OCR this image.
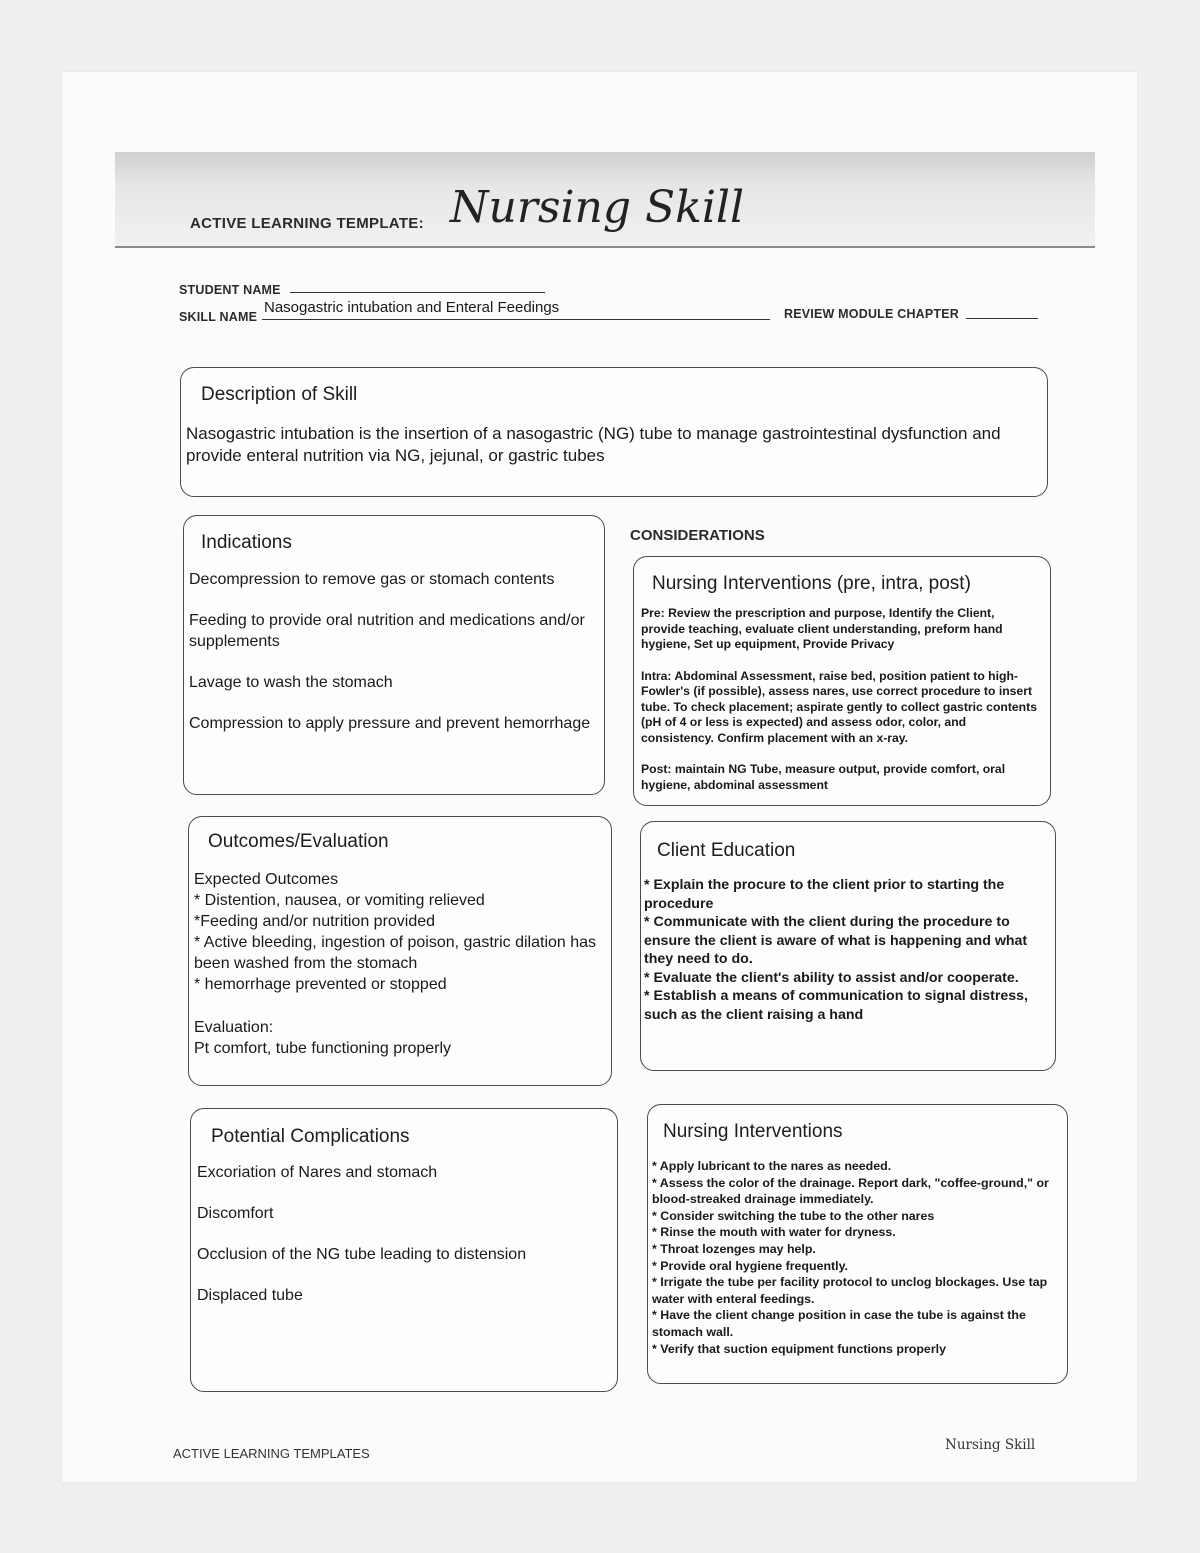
ACTIVE LEARNING TEMPLATE: Nursing Skill
STUDENT NAME
SKILL NAME
Nasogastric intubation and Enteral Feedings	REVIEW MODULE CHAPTER
Description of Skill
Nasogastric intubation is the insertion of a nasogastric (NG) tube to manage gastrointestinal dysfunction and provide enteral nutrition via NG, jejunal, or gastric tubes
Indications

Decompression to remove gas or stomach contents

Feeding to provide oral nutrition and medications and/or supplements

Lavage to wash the stomach

Compression to apply pressure and prevent hemorrhage

CONSIDERATIONS
Nursing Interventions (pre, intra, post)

Pre: Review the prescription and purpose, Identify the Client, provide teaching, evaluate client understanding, preform hand hygiene, Set up equipment, Provide Privacy

Intra: Abdominal Assessment, raise bed, position patient to high-Fowler's (if possible), assess nares, use correct procedure to insert tube. To check placement; aspirate gently to collect gastric contents (pH of 4 or less is expected) and assess odor, color, and consistency. Confirm placement with an x-ray.

Post: maintain NG Tube, measure output, provide comfort, oral hygiene, abdominal assessment

Outcomes/Evaluation

Expected Outcomes

* Distention, nausea, or vomiting relieved

*Feeding and/or nutrition provided

* Active bleeding, ingestion of poison, gastric dilation has been washed from the stomach

* hemorrhage prevented or stopped

Evaluation:

Pt comfort, tube functioning properly

Client Education

* Explain the procure to the client prior to starting the procedure

* Communicate with the client during the procedure to ensure the client is aware of what is happening and what they need to do.

* Evaluate the client's ability to assist and/or cooperate.

* Establish a means of communication to signal distress, such as the client raising a hand

Potential Complications

Excoriation of Nares and stomach

Discomfort

Occlusion of the NG tube leading to distension

Displaced tube

Nursing Interventions

* Apply lubricant to the nares as needed.

* Assess the color of the drainage. Report dark, "coffee-ground," or blood-streaked drainage immediately.

* Consider switching the tube to the other nares

* Rinse the mouth with water for dryness.

* Throat lozenges may help.

* Provide oral hygiene frequently.

* Irrigate the tube per facility protocol to unclog blockages. Use tap water with enteral feedings.

* Have the client change position in case the tube is against the stomach wall.

* Verify that suction equipment functions properly

ACTIVE LEARNING TEMPLATES
Nursing Skill
